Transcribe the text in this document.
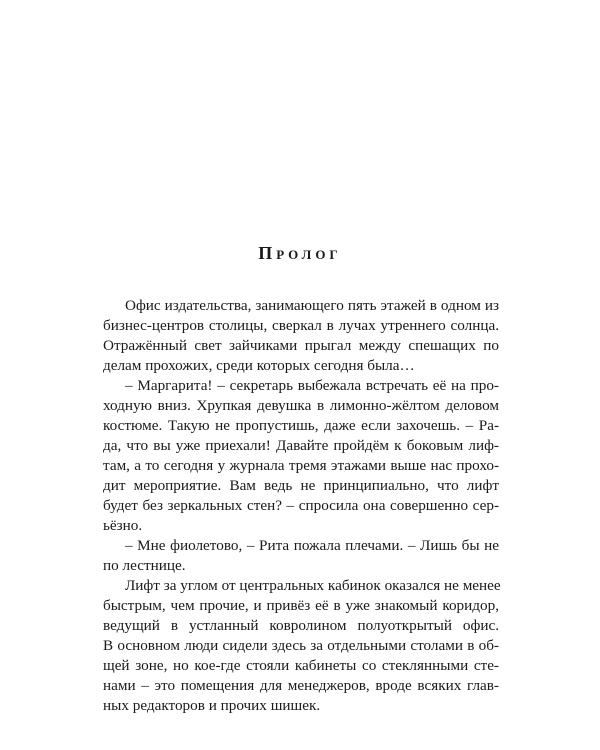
Пролог

Офис издательства, занимающего пять этажей в одном из
бизнес-центров столицы, сверкал в лучах утреннего солнца.
Отражённый свет зайчиками прыгал между спешащих по
делам прохожих, среди которых сегодня была…

– Маргарита! – секретарь выбежала встречать её на про-
ходную вниз. Хрупкая девушка в лимонно-жёлтом деловом
костюме. Такую не пропустишь, даже если захочешь. – Ра-
да, что вы уже приехали! Давайте пройдём к боковым лиф-
там, а то сегодня у журнала тремя этажами выше нас прохо-
дит мероприятие. Вам ведь не принципиально, что лифт
будет без зеркальных стен? – спросила она совершенно сер-
ьёзно.

– Мне фиолетово, – Рита пожала плечами. – Лишь бы не
по лестнице.

Лифт за углом от центральных кабинок оказался не менее
быстрым, чем прочие, и привёз её в уже знакомый коридор,
ведущий в устланный ковролином полуоткрытый офис.
В основном люди сидели здесь за отдельными столами в об-
щей зоне, но кое-где стояли кабинеты со стеклянными сте-
нами – это помещения для менеджеров, вроде всяких глав-
ных редакторов и прочих шишек.
